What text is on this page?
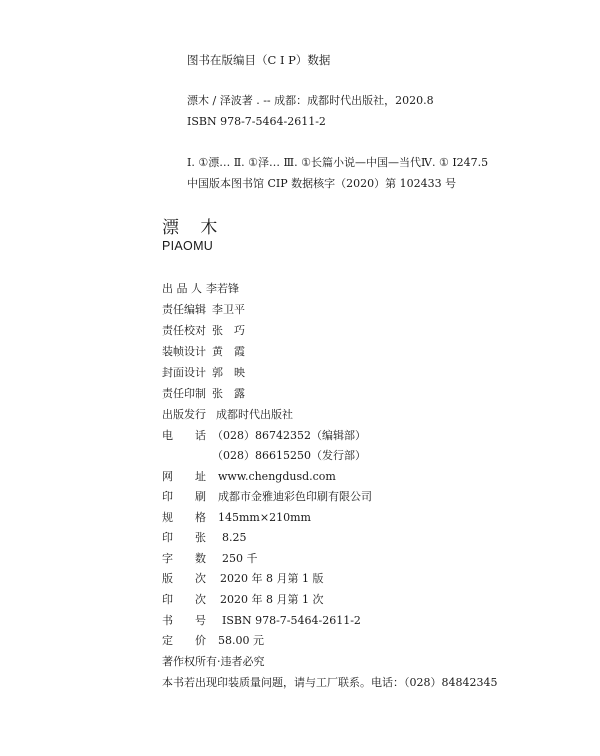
图书在版编目（C I P）数据
漂木 / 泽波著 . -- 成都：成都时代出版社，2020.8
ISBN 978-7-5464-2611-2
Ⅰ. ①漂… Ⅱ. ①泽… Ⅲ. ①长篇小说—中国—当代Ⅳ. ① I247.5
中国版本图书馆 CIP 数据核字（2020）第 102433 号
漂 木
PIAOMU
出 品 人 李若锋
责任编辑 李卫平
责任校对 张　巧
装帧设计 黄　霞
封面设计 郭　映
责任印制 张　露
出版发行 成都时代出版社
电　　话 （028）86742352（编辑部）
（028）86615250（发行部）
网　　址 www.chengdusd.com
印　　刷 成都市金雅迪彩色印刷有限公司
规　　格 145mm×210mm
印　　张 8.25
字　　数 250 千
版　　次 2020 年 8 月第 1 版
印　　次 2020 年 8 月第 1 次
书　　号 ISBN 978-7-5464-2611-2
定　　价 58.00 元
著作权所有·违者必究
本书若出现印装质量问题，请与工厂联系。电话：（028）84842345
